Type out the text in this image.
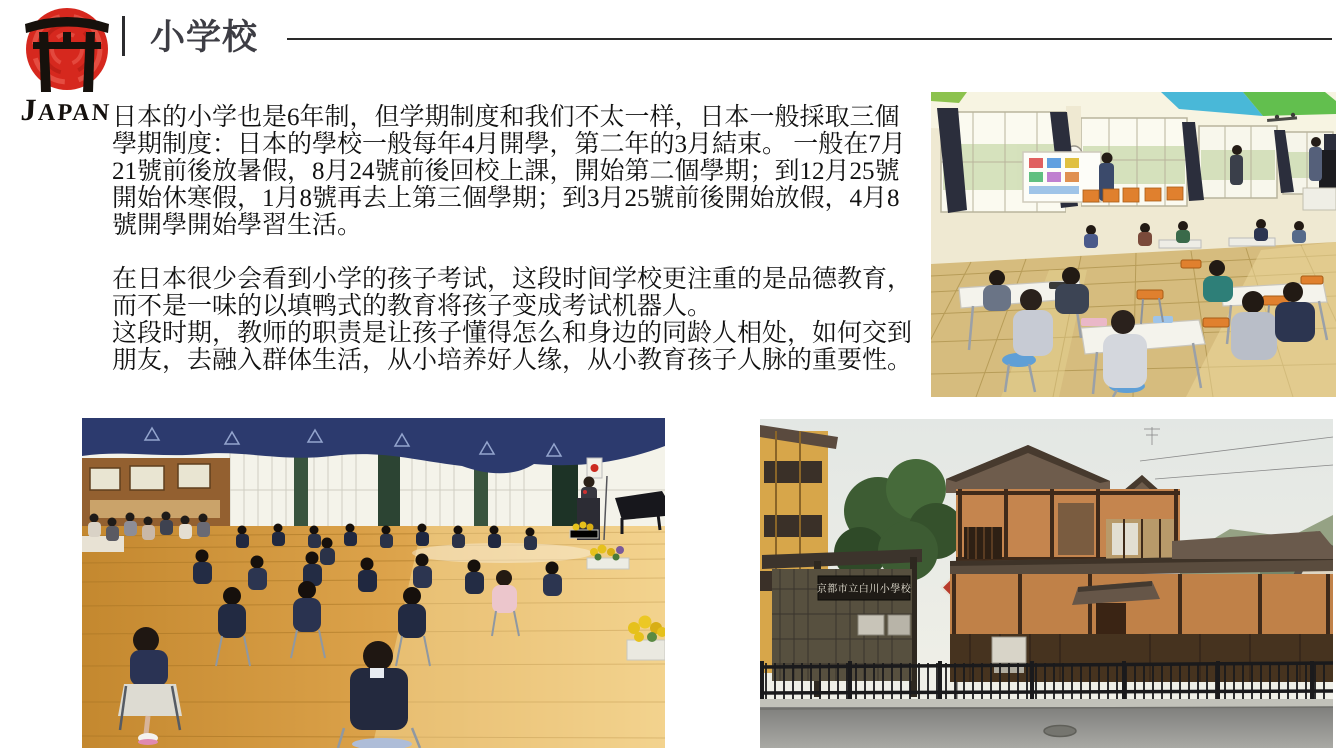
JAPAN
小学校

日本的小学也是6年制，但学期制度和我们不太一样，日本一般採取三個學期制度：日本的學校一般每年4月開學，第二年的3月結束。 一般在7月21號前後放暑假，8月24號前後回校上課，開始第二個學期；到12月25號開始休寒假，1月8號再去上第三個學期；到3月25號前後開始放假，4月8號開學開始學習生活。

在日本很少会看到小学的孩子考试，这段时间学校更注重的是品德教育，而不是一味的以填鸭式的教育将孩子变成考试机器人。

这段时期，教师的职责是让孩子懂得怎么和身边的同龄人相处，如何交到朋友，去融入群体生活，从小培养好人缘，从小教育孩子人脉的重要性。

京都市立白川小學校
